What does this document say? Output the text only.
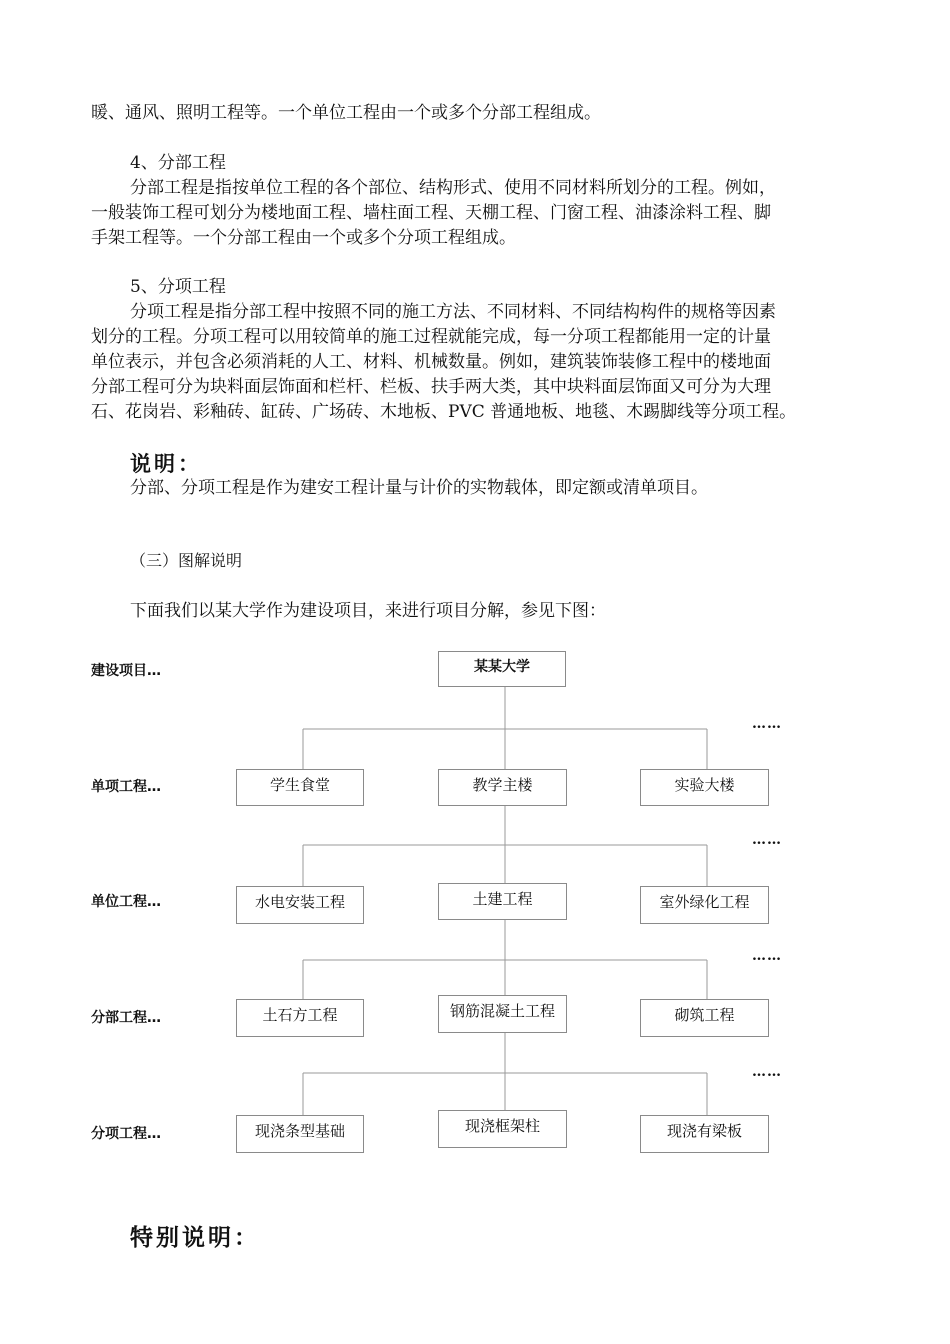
暖、通风、照明工程等。一个单位工程由一个或多个分部工程组成。
4、分部工程
分部工程是指按单位工程的各个部位、结构形式、使用不同材料所划分的工程。例如，
一般装饰工程可划分为楼地面工程、墙柱面工程、天棚工程、门窗工程、油漆涂料工程、脚
手架工程等。一个分部工程由一个或多个分项工程组成。
5、分项工程
分项工程是指分部工程中按照不同的施工方法、不同材料、不同结构构件的规格等因素
划分的工程。分项工程可以用较简单的施工过程就能完成，每一分项工程都能用一定的计量
单位表示，并包含必须消耗的人工、材料、机械数量。例如，建筑装饰装修工程中的楼地面
分部工程可分为块料面层饰面和栏杆、栏板、扶手两大类，其中块料面层饰面又可分为大理
石、花岗岩、彩釉砖、缸砖、广场砖、木地板、PVC 普通地板、地毯、木踢脚线等分项工程。
说明：
分部、分项工程是作为建安工程计量与计价的实物载体，即定额或清单项目。
（三）图解说明
下面我们以某大学作为建设项目，来进行项目分解，参见下图：
建设项目…
单项工程…
单位工程…
分部工程…
分项工程…
某某大学
学生食堂	教学主楼	实验大楼
水电安装工程	土建工程	室外绿化工程
土石方工程	钢筋混凝土工程	砌筑工程
现浇条型基础	现浇框架柱	现浇有梁板
……
……
……
……
特别说明：
